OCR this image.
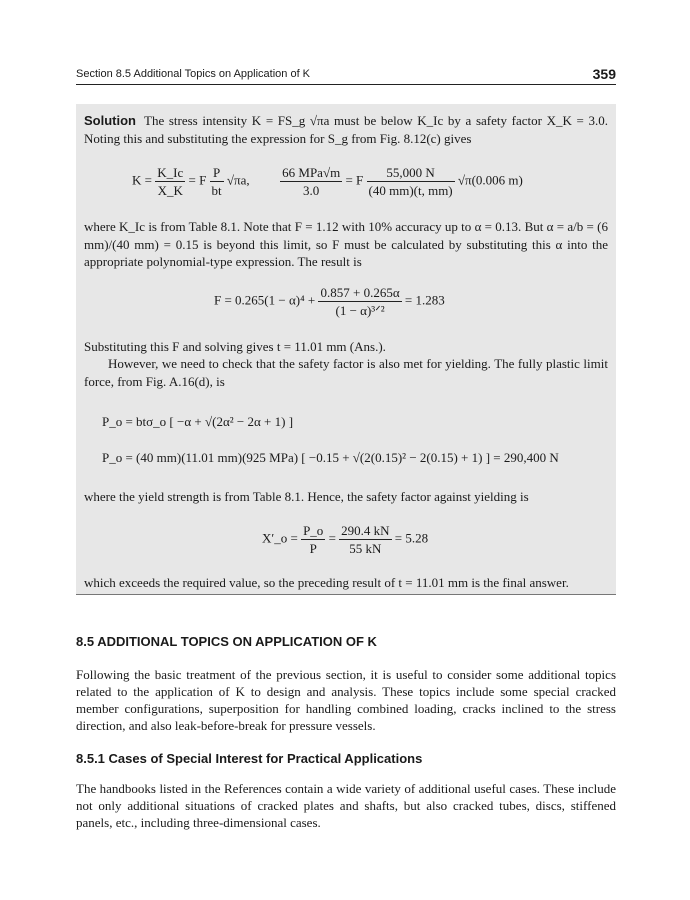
Section 8.5 Additional Topics on Application of K	359

Solution The stress intensity K = FS_g √πa must be below K_Ic by a safety factor X_K = 3.0. Noting this and substituting the expression for S_g from Fig. 8.12(c) gives

$K = \frac{K\_Ic}{X\_K} = F \frac{P}{bt} √\pi a$, $\frac{\text{66 MPa√m}}{3.0} = F \frac{55,000 N}{(40 mm)(t, mm)} √\pi(0.006$ m)

where K_Ic is from Table 8.1. Note that F = 1.12 with 10% accuracy up to α = 0.13. But α = a/b = (6 mm)/(40 mm) = 0.15 is beyond this limit, so F must be calculated by substituting this α into the appropriate polynomial-type expression. The result is

$F = 0.265(1 - \alpha)^4 + \frac{0.857 + 0.265\alpha}{\text{(1 − α)³ᐟ²}} = 1.283$

Substituting this F and solving gives t = 11.01 mm (Ans.).

However, we need to check that the safety factor is also met for yielding. The fully plastic limit force, from Fig. A.16(d), is

P_o = btσ_o [ −α + √(2α² − 2α + 1) ]
P_o = (40 mm)(11.01 mm)(925 MPa) [ −0.15 + √(2(0.15)² − 2(0.15) + 1) ] = 290,400 N

where the yield strength is from Table 8.1. Hence, the safety factor against yielding is

X′_o = $\frac{P\_o}{P} = \frac{290.4 kN}{55 kN} = 5.28$

which exceeds the required value, so the preceding result of t = 11.01 mm is the final answer.

8.5 ADDITIONAL TOPICS ON APPLICATION OF K

Following the basic treatment of the previous section, it is useful to consider some additional topics related to the application of K to design and analysis. These topics include some special cracked member configurations, superposition for handling combined loading, cracks inclined to the stress direction, and also leak-before-break for pressure vessels.

8.5.1 Cases of Special Interest for Practical Applications

The handbooks listed in the References contain a wide variety of additional useful cases. These include not only additional situations of cracked plates and shafts, but also cracked tubes, discs, stiffened panels, etc., including three-dimensional cases.
